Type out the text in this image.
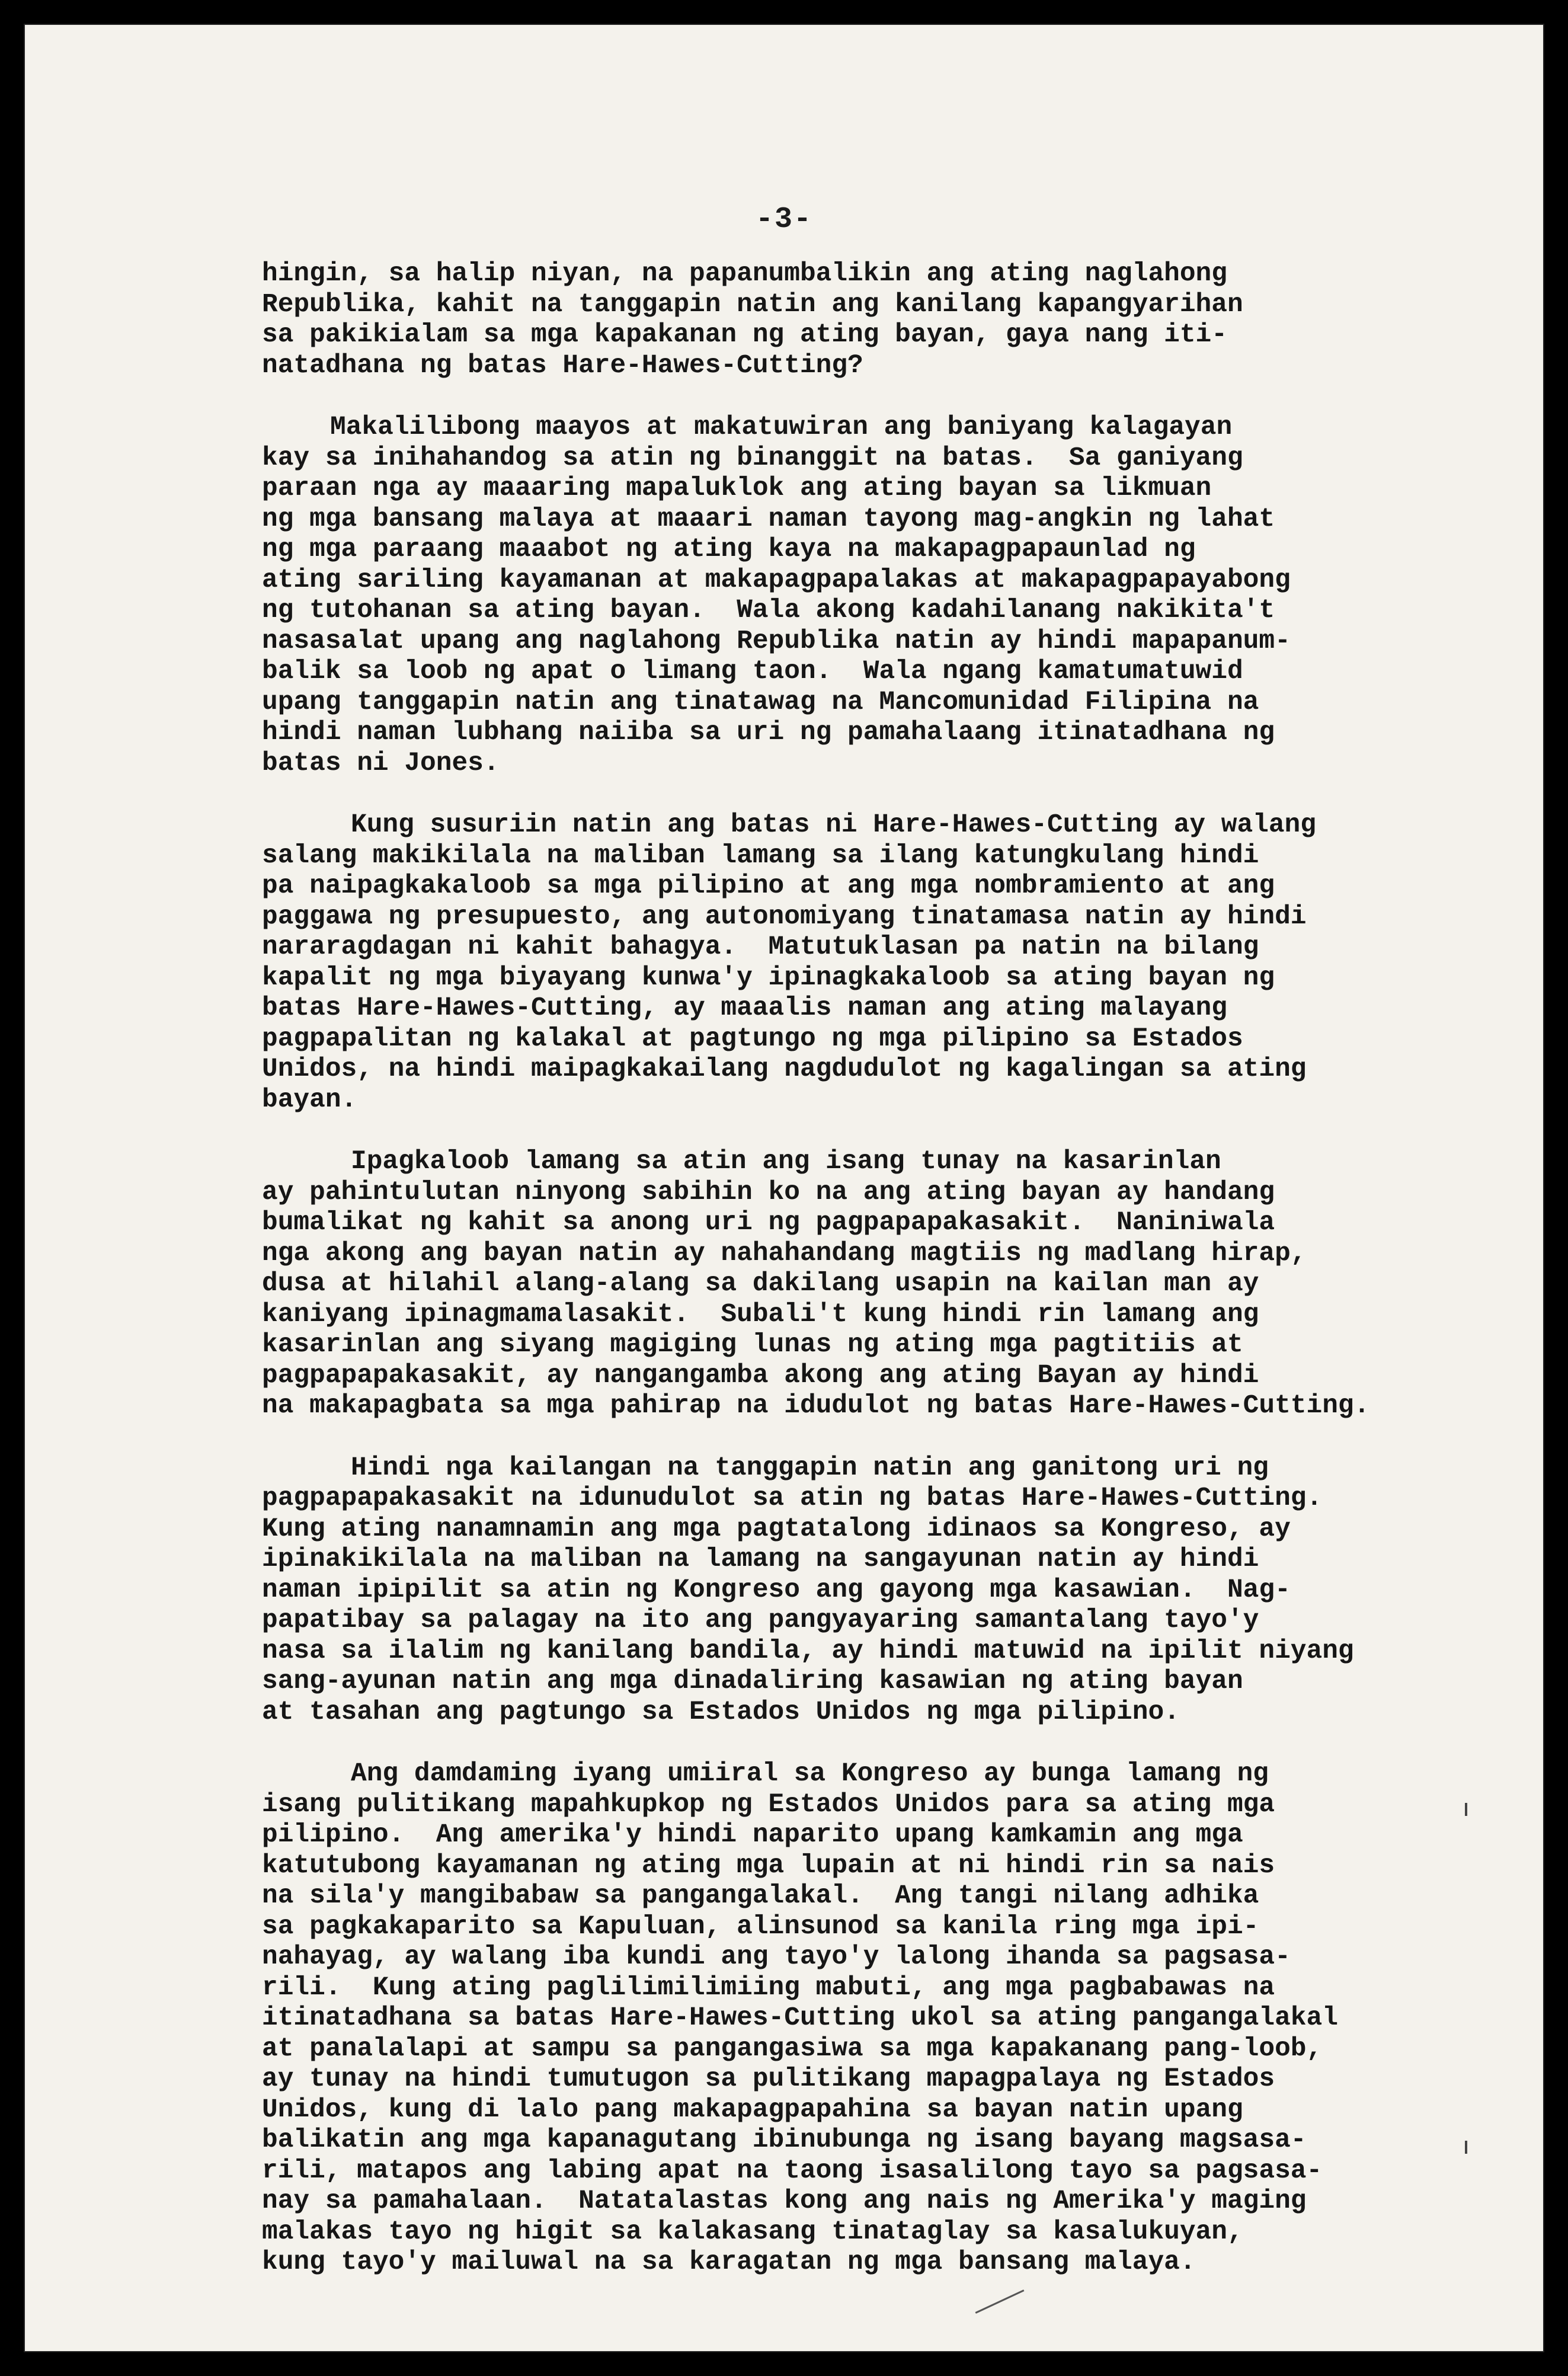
-3-
hingin, sa halip niyan, na papanumbalikin ang ating naglahong
Republika, kahit na tanggapin natin ang kanilang kapangyarihan
sa pakikialam sa mga kapakanan ng ating bayan, gaya nang iti-
natadhana ng batas Hare-Hawes-Cutting?
Makalilibong maayos at makatuwiran ang baniyang kalagayan
kay sa inihahandog sa atin ng binanggit na batas.  Sa ganiyang
paraan nga ay maaaring mapaluklok ang ating bayan sa likmuan
ng mga bansang malaya at maaari naman tayong mag-angkin ng lahat
ng mga paraang maaabot ng ating kaya na makapagpapaunlad ng
ating sariling kayamanan at makapagpapalakas at makapagpapayabong
ng tutohanan sa ating bayan.  Wala akong kadahilanang nakikita't
nasasalat upang ang naglahong Republika natin ay hindi mapapanum-
balik sa loob ng apat o limang taon.  Wala ngang kamatumatuwid
upang tanggapin natin ang tinatawag na Mancomunidad Filipina na
hindi naman lubhang naiiba sa uri ng pamahalaang itinatadhana ng
batas ni Jones.
Kung susuriin natin ang batas ni Hare-Hawes-Cutting ay walang
salang makikilala na maliban lamang sa ilang katungkulang hindi
pa naipagkakaloob sa mga pilipino at ang mga nombramiento at ang
paggawa ng presupuesto, ang autonomiyang tinatamasa natin ay hindi
nararagdagan ni kahit bahagya.  Matutuklasan pa natin na bilang
kapalit ng mga biyayang kunwa'y ipinagkakaloob sa ating bayan ng
batas Hare-Hawes-Cutting, ay maaalis naman ang ating malayang
pagpapalitan ng kalakal at pagtungo ng mga pilipino sa Estados
Unidos, na hindi maipagkakailang nagdudulot ng kagalingan sa ating
bayan.
Ipagkaloob lamang sa atin ang isang tunay na kasarinlan
ay pahintulutan ninyong sabihin ko na ang ating bayan ay handang
bumalikat ng kahit sa anong uri ng pagpapapakasakit.  Naniniwala
nga akong ang bayan natin ay nahahandang magtiis ng madlang hirap,
dusa at hilahil alang-alang sa dakilang usapin na kailan man ay
kaniyang ipinagmamalasakit.  Subali't kung hindi rin lamang ang
kasarinlan ang siyang magiging lunas ng ating mga pagtitiis at
pagpapapakasakit, ay nangangamba akong ang ating Bayan ay hindi
na makapagbata sa mga pahirap na idudulot ng batas Hare-Hawes-Cutting.
Hindi nga kailangan na tanggapin natin ang ganitong uri ng
pagpapapakasakit na idunudulot sa atin ng batas Hare-Hawes-Cutting.
Kung ating nanamnamin ang mga pagtatalong idinaos sa Kongreso, ay
ipinakikilala na maliban na lamang na sangayunan natin ay hindi
naman ipipilit sa atin ng Kongreso ang gayong mga kasawian.  Nag-
papatibay sa palagay na ito ang pangyayaring samantalang tayo'y
nasa sa ilalim ng kanilang bandila, ay hindi matuwid na ipilit niyang
sang-ayunan natin ang mga dinadaliring kasawian ng ating bayan
at tasahan ang pagtungo sa Estados Unidos ng mga pilipino.
Ang damdaming iyang umiiral sa Kongreso ay bunga lamang ng
isang pulitikang mapahkupkop ng Estados Unidos para sa ating mga
pilipino.  Ang amerika'y hindi naparito upang kamkamin ang mga
katutubong kayamanan ng ating mga lupain at ni hindi rin sa nais
na sila'y mangibabaw sa pangangalakal.  Ang tangi nilang adhika
sa pagkakaparito sa Kapuluan, alinsunod sa kanila ring mga ipi-
nahayag, ay walang iba kundi ang tayo'y lalong ihanda sa pagsasa-
rili.  Kung ating paglilimilimiing mabuti, ang mga pagbabawas na
itinatadhana sa batas Hare-Hawes-Cutting ukol sa ating pangangalakal
at panalalapi at sampu sa pangangasiwa sa mga kapakanang pang-loob,
ay tunay na hindi tumutugon sa pulitikang mapagpalaya ng Estados
Unidos, kung di lalo pang makapagpapahina sa bayan natin upang
balikatin ang mga kapanagutang ibinubunga ng isang bayang magsasa-
rili, matapos ang labing apat na taong isasalilong tayo sa pagsasa-
nay sa pamahalaan.  Natatalastas kong ang nais ng Amerika'y maging
malakas tayo ng higit sa kalakasang tinataglay sa kasalukuyan,
kung tayo'y mailuwal na sa karagatan ng mga bansang malaya.
